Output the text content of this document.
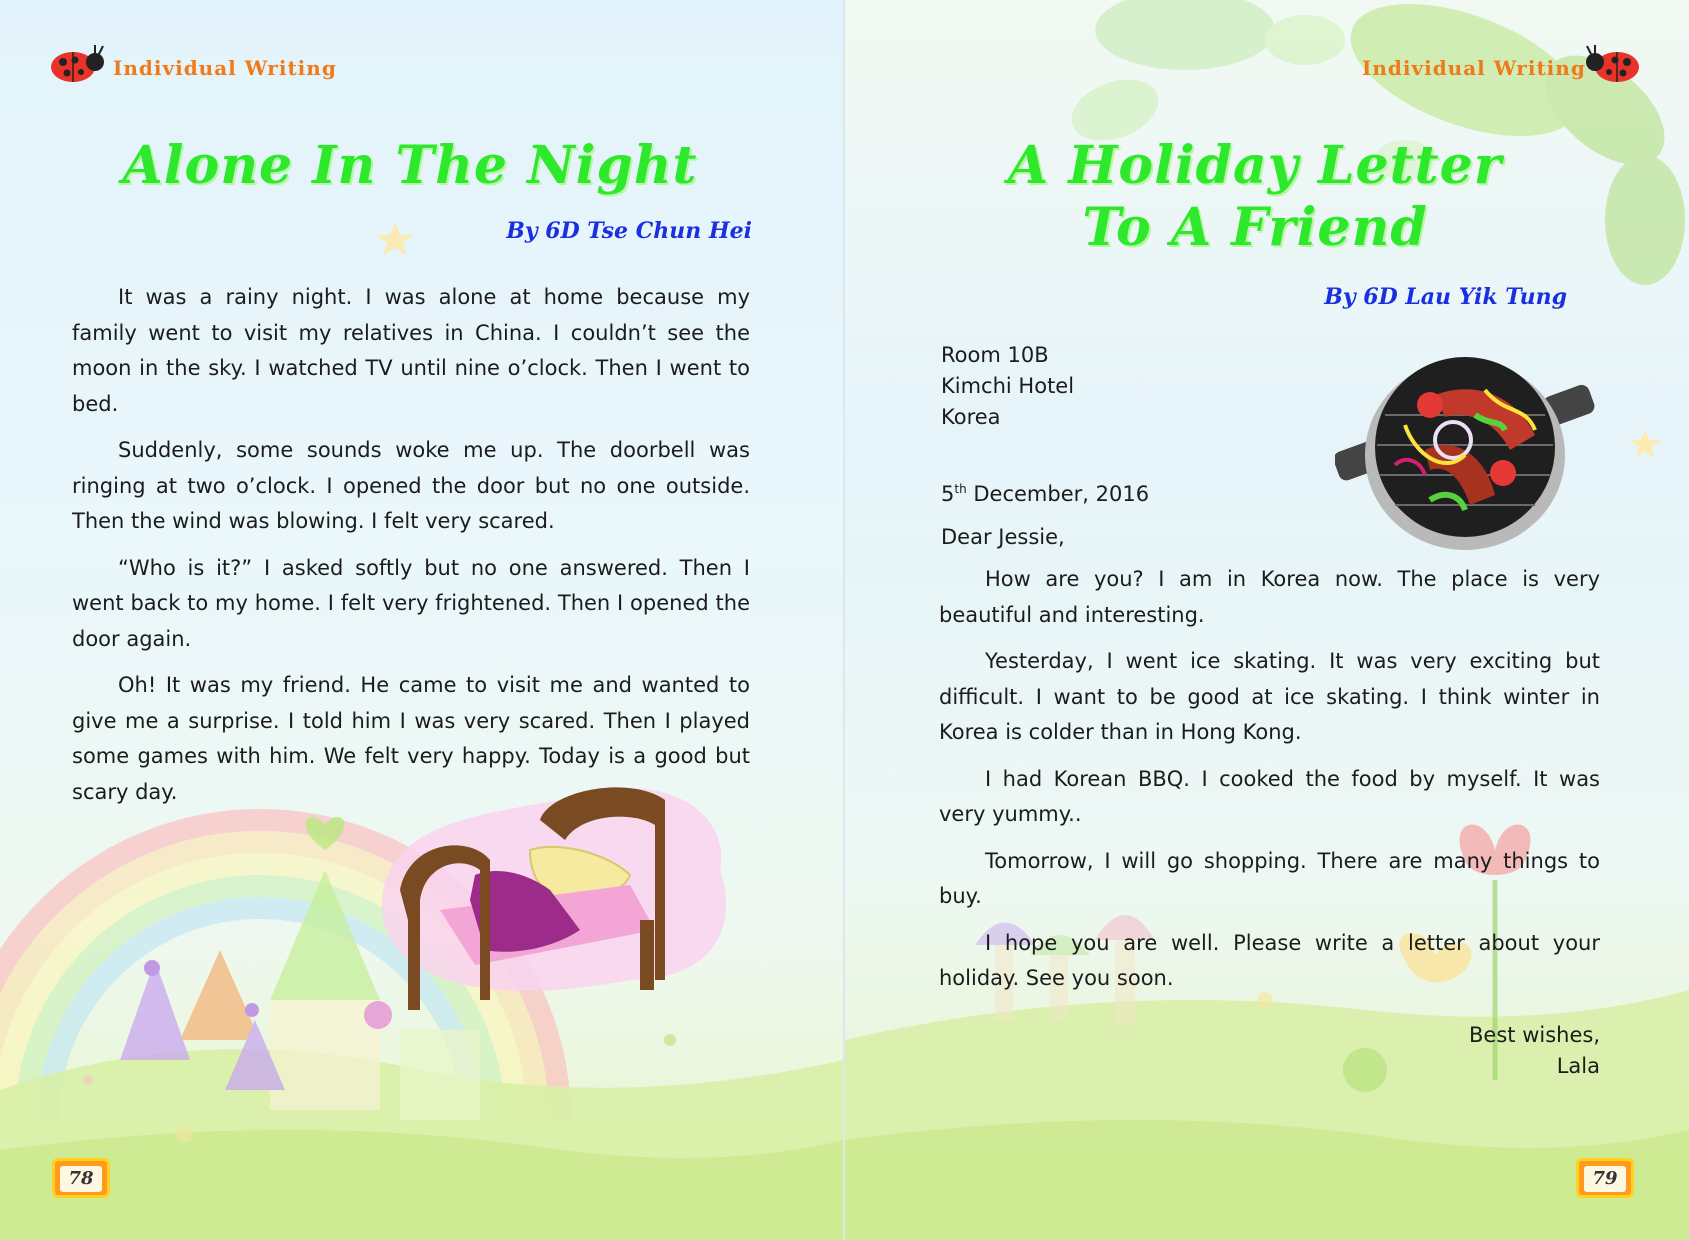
Individual Writing
Alone In The Night
By 6D Tse Chun Hei

It was a rainy night. I was alone at home because my family went to visit my relatives in China. I couldn’t see the moon in the sky. I watched TV until nine o’clock. Then I went to bed.

Suddenly, some sounds woke me up. The doorbell was ringing at two o’clock. I opened the door but no one outside. Then the wind was blowing. I felt very scared.

“Who is it?” I asked softly but no one answered. Then I went back to my home. I felt very frightened. Then I opened the door again.

Oh! It was my friend. He came to visit me and wanted to give me a surprise. I told him I was very scared. Then I played some games with him. We felt very happy. Today is a good but scary day.

78
Individual Writing
A Holiday Letter
To A Friend
By 6D Lau Yik Tung
Room 10B
Kimchi Hotel
Korea
5th December, 2016
Dear Jessie,

How are you? I am in Korea now. The place is very beautiful and interesting.

Yesterday, I went ice skating. It was very exciting but difficult. I want to be good at ice skating. I think winter in Korea is colder than in Hong Kong.

I had Korean BBQ. I cooked the food by myself. It was very yummy..

Tomorrow, I will go shopping. There are many things to buy.

I hope you are well. Please write a letter about your holiday. See you soon.

Best wishes,
Lala
79
